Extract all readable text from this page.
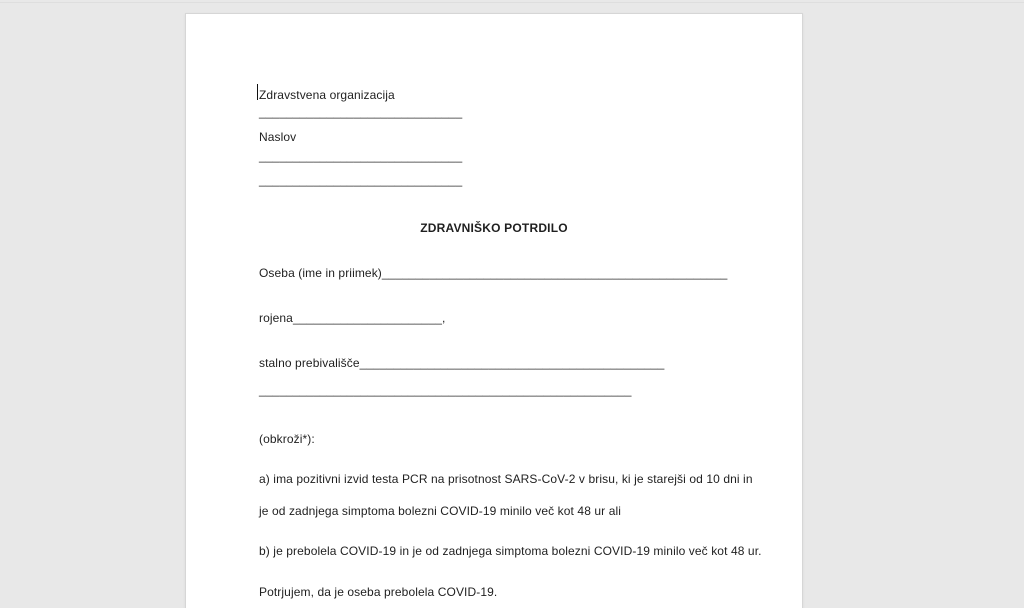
Zdravstvena organizacija
______________________________
Naslov
______________________________
______________________________
ZDRAVNIŠKO POTRDILO
Oseba (ime in priimek)___________________________________________________
rojena______________________,
stalno prebivališče_____________________________________________
_______________________________________________________
(obkroži*):
a) ima pozitivni izvid testa PCR na prisotnost SARS-CoV-2 v brisu, ki je starejši od 10 dni in
je od zadnjega simptoma bolezni COVID-19 minilo več kot 48 ur ali
b) je prebolela COVID-19 in je od zadnjega simptoma bolezni COVID-19 minilo več kot 48 ur.
Potrjujem, da je oseba prebolela COVID-19.
